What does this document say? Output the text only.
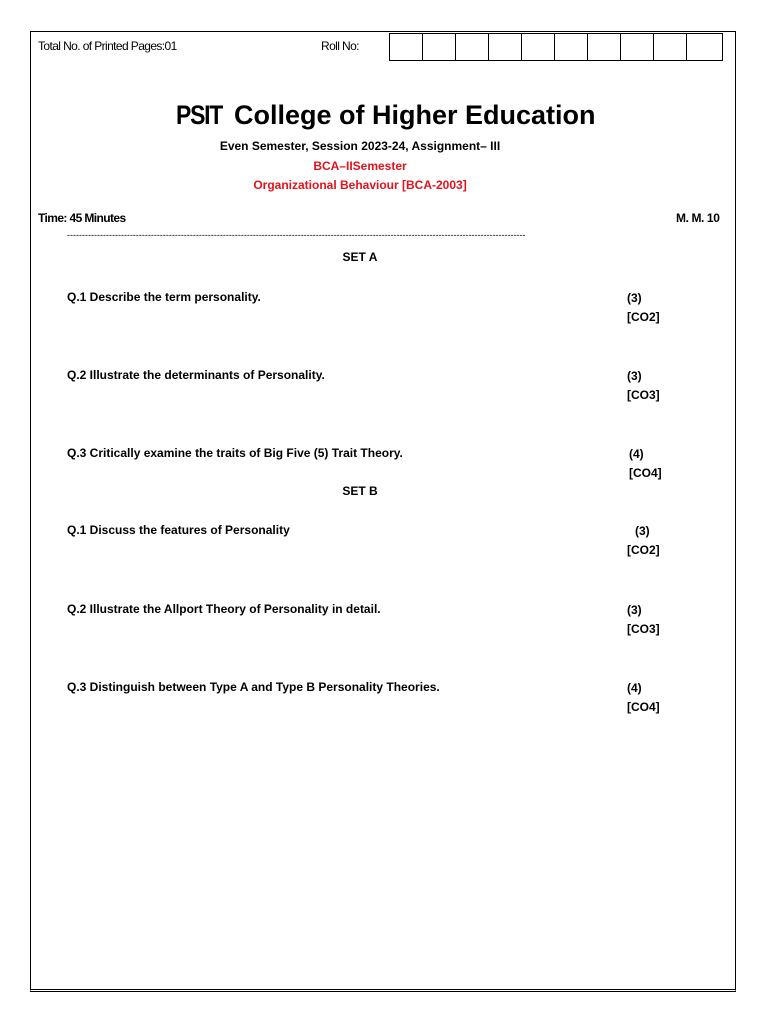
Total No. of Printed Pages:01	Roll No:
PSIT College of Higher Education
Even Semester, Session 2023-24, Assignment– III
BCA–IISemester
Organizational Behaviour [BCA-2003]
Time: 45 Minutes	M. M. 10
---------------------------------------------------------------------------------------------------------------------------------------------------------
SET A
Q.1 Describe the term personality.	(3)
[CO2]
Q.2 Illustrate the determinants of Personality.	(3)
[CO3]
Q.3 Critically examine the traits of Big Five (5) Trait Theory.	(4)
[CO4]
SET B
Q.1 Discuss the features of Personality	(3)
[CO2]
Q.2 Illustrate the Allport Theory of Personality in detail.	(3)
[CO3]
Q.3 Distinguish between Type A and Type B Personality Theories.	(4)
[CO4]
